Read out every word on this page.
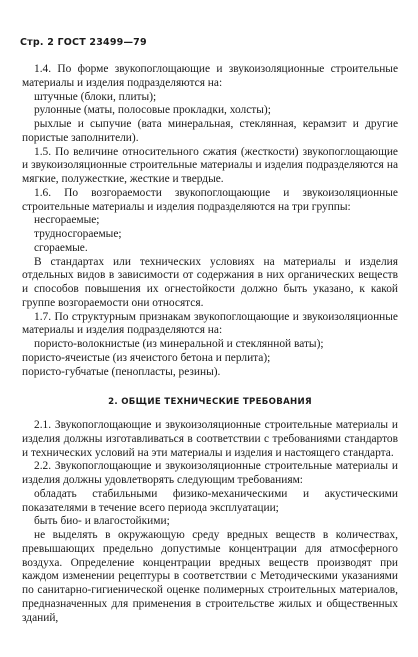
Стр. 2 ГОСТ 23499—79

1.4. По форме звукопоглощающие и звукоизоляционные строительные материалы и изделия подразделяются на:

штучные (блоки, плиты);

рулонные (маты, полосовые прокладки, холсты);

рыхлые и сыпучие (вата минеральная, стеклянная, керамзит и другие пористые заполнители).

1.5. По величине относительного сжатия (жесткости) звукопоглощающие и звукоизоляционные строительные материалы и изделия подразделяются на мягкие, полужесткие, жесткие и твердые.

1.6. По возгораемости звукопоглощающие и звукоизоляционные строительные материалы и изделия подразделяются на три группы:

несгораемые;

трудносгораемые;

сгораемые.

В стандартах или технических условиях на материалы и изделия отдельных видов в зависимости от содержания в них органических веществ и способов повышения их огнестойкости должно быть указано, к какой группе возгораемости они относятся.

1.7. По структурным признакам звукопоглощающие и звукоизоляционные материалы и изделия подразделяются на:

пористо-волокнистые (из минеральной и стеклянной ваты);

пористо-ячеистые (из ячеистого бетона и перлита);

пористо-губчатые (пенопласты, резины).

2. ОБЩИЕ ТЕХНИЧЕСКИЕ ТРЕБОВАНИЯ

2.1. Звукопоглощающие и звукоизоляционные строительные материалы и изделия должны изготавливаться в соответствии с требованиями стандартов и технических условий на эти материалы и изделия и настоящего стандарта.

2.2. Звукопоглощающие и звукоизоляционные строительные материалы и изделия должны удовлетворять следующим требованиям:

обладать стабильными физико-механическими и акустическими показателями в течение всего периода эксплуатации;

быть био- и влагостойкими;

не выделять в окружающую среду вредных веществ в количествах, превышающих предельно допустимые концентрации для атмосферного воздуха. Определение концентрации вредных веществ производят при каждом изменении рецептуры в соответствии с Методическими указаниями по санитарно-гигиенической оценке полимерных строительных материалов, предназначенных для применения в строительстве жилых и общественных зданий,
